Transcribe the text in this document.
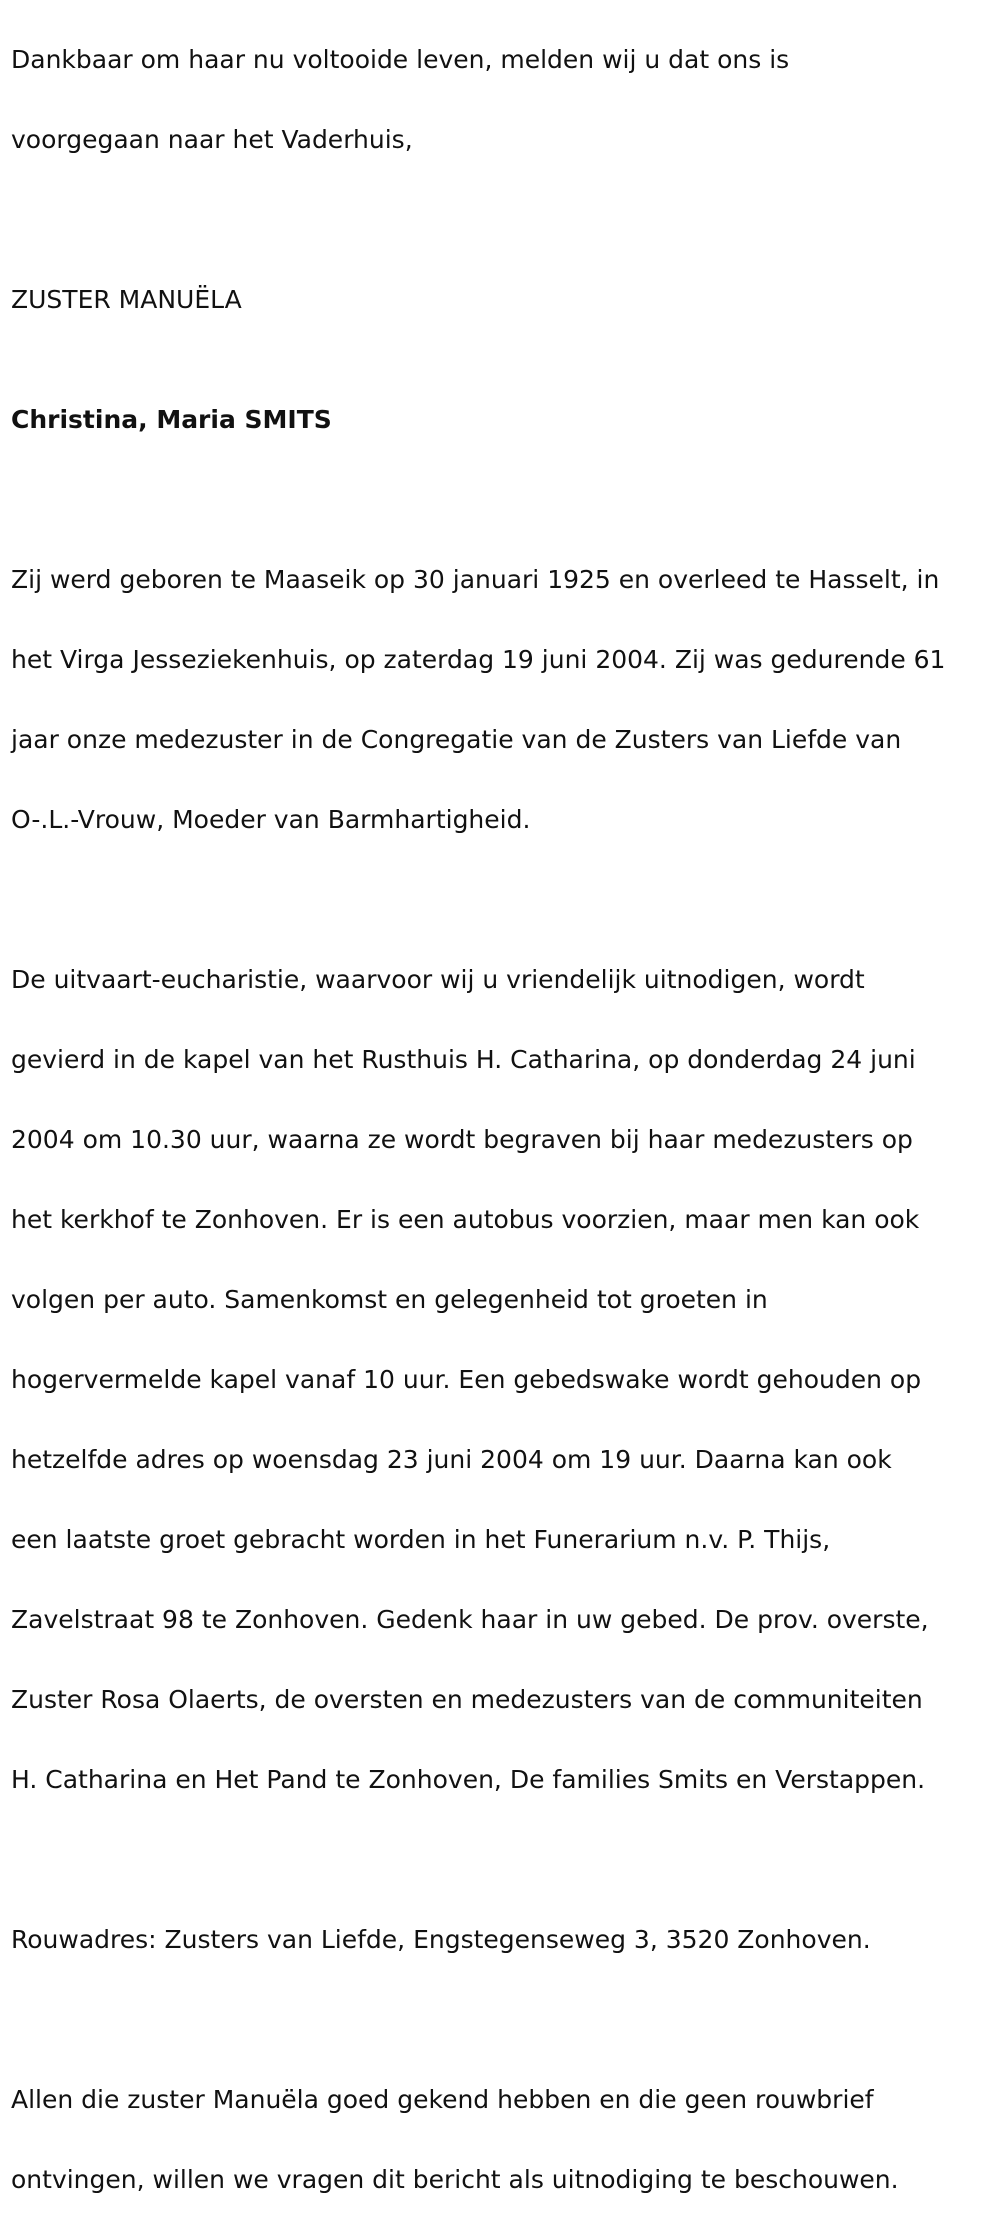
Dankbaar om haar nu voltooide leven, melden wij u dat ons is

voorgegaan naar het Vaderhuis,

ZUSTER MANUËLA

Christina, Maria SMITS

Zij werd geboren te Maaseik op 30 januari 1925 en overleed te Hasselt, in

het Virga Jesseziekenhuis, op zaterdag 19 juni 2004. Zij was gedurende 61

jaar onze medezuster in de Congregatie van de Zusters van Liefde van

O-.L.-Vrouw, Moeder van Barmhartigheid.

De uitvaart-eucharistie, waarvoor wij u vriendelijk uitnodigen, wordt

gevierd in de kapel van het Rusthuis H. Catharina, op donderdag 24 juni

2004 om 10.30 uur, waarna ze wordt begraven bij haar medezusters op

het kerkhof te Zonhoven. Er is een autobus voorzien, maar men kan ook

volgen per auto. Samenkomst en gelegenheid tot groeten in

hogervermelde kapel vanaf 10 uur. Een gebedswake wordt gehouden op

hetzelfde adres op woensdag 23 juni 2004 om 19 uur. Daarna kan ook

een laatste groet gebracht worden in het Funerarium n.v. P. Thijs,

Zavelstraat 98 te Zonhoven. Gedenk haar in uw gebed. De prov. overste,

Zuster Rosa Olaerts, de oversten en medezusters van de communiteiten

H. Catharina en Het Pand te Zonhoven, De families Smits en Verstappen.

Rouwadres: Zusters van Liefde, Engstegenseweg 3, 3520 Zonhoven.

Allen die zuster Manuëla goed gekend hebben en die geen rouwbrief

ontvingen, willen we vragen dit bericht als uitnodiging te beschouwen.
